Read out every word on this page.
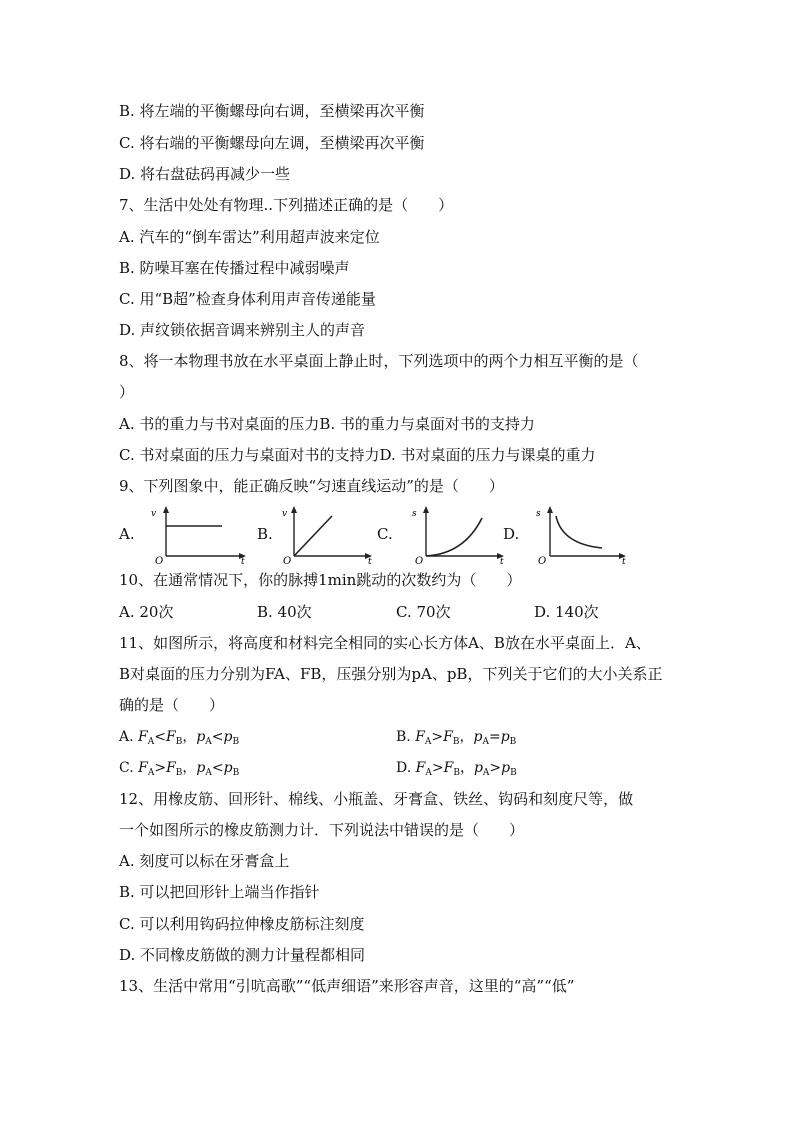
B. 将左端的平衡螺母向右调，至横梁再次平衡
C. 将右端的平衡螺母向左调，至横梁再次平衡
D. 将右盘砝码再减少一些
7、生活中处处有物理..下列描述正确的是（　　）
A. 汽车的“倒车雷达”利用超声波来定位
B. 防噪耳塞在传播过程中减弱噪声
C. 用“B超”检查身体利用声音传递能量
D. 声纹锁依据音调来辨别主人的声音
8、将一本物理书放在水平桌面上静止时，下列选项中的两个力相互平衡的是（
）
A. 书的重力与书对桌面的压力B. 书的重力与桌面对书的支持力
C. 书对桌面的压力与桌面对书的支持力D. 书对桌面的压力与课桌的重力
9、下列图象中，能正确反映“匀速直线运动”的是（　　）
A.
v
t
O
B.
v
t
O
C.
s
t
O
D.
s
t
O
10、在通常情况下，你的脉搏1min跳动的次数约为（　　）
A. 20次	B. 40次	C. 70次	D. 140次
11、如图所示，将高度和材料完全相同的实心长方体A、B放在水平桌面上．A、
B对桌面的压力分别为FA、FB，压强分别为pA、pB，下列关于它们的大小关系正
确的是（　　）
A. $F_A<F_B$，$p_A<p_B$	B. $F_A>F_B$，$p_A=p_B$
C. $F_A>F_B$，$p_A<p_B$	D. $F_A>F_B$，$p_A>p_B$
12、用橡皮筋、回形针、棉线、小瓶盖、牙膏盒、铁丝、钩码和刻度尺等，做
一个如图所示的橡皮筋测力计．下列说法中错误的是（　　）
A. 刻度可以标在牙膏盒上
B. 可以把回形针上端当作指针
C. 可以利用钩码拉伸橡皮筋标注刻度
D. 不同橡皮筋做的测力计量程都相同
13、生活中常用“引吭高歌”“低声细语”来形容声音，这里的“高”“低”
